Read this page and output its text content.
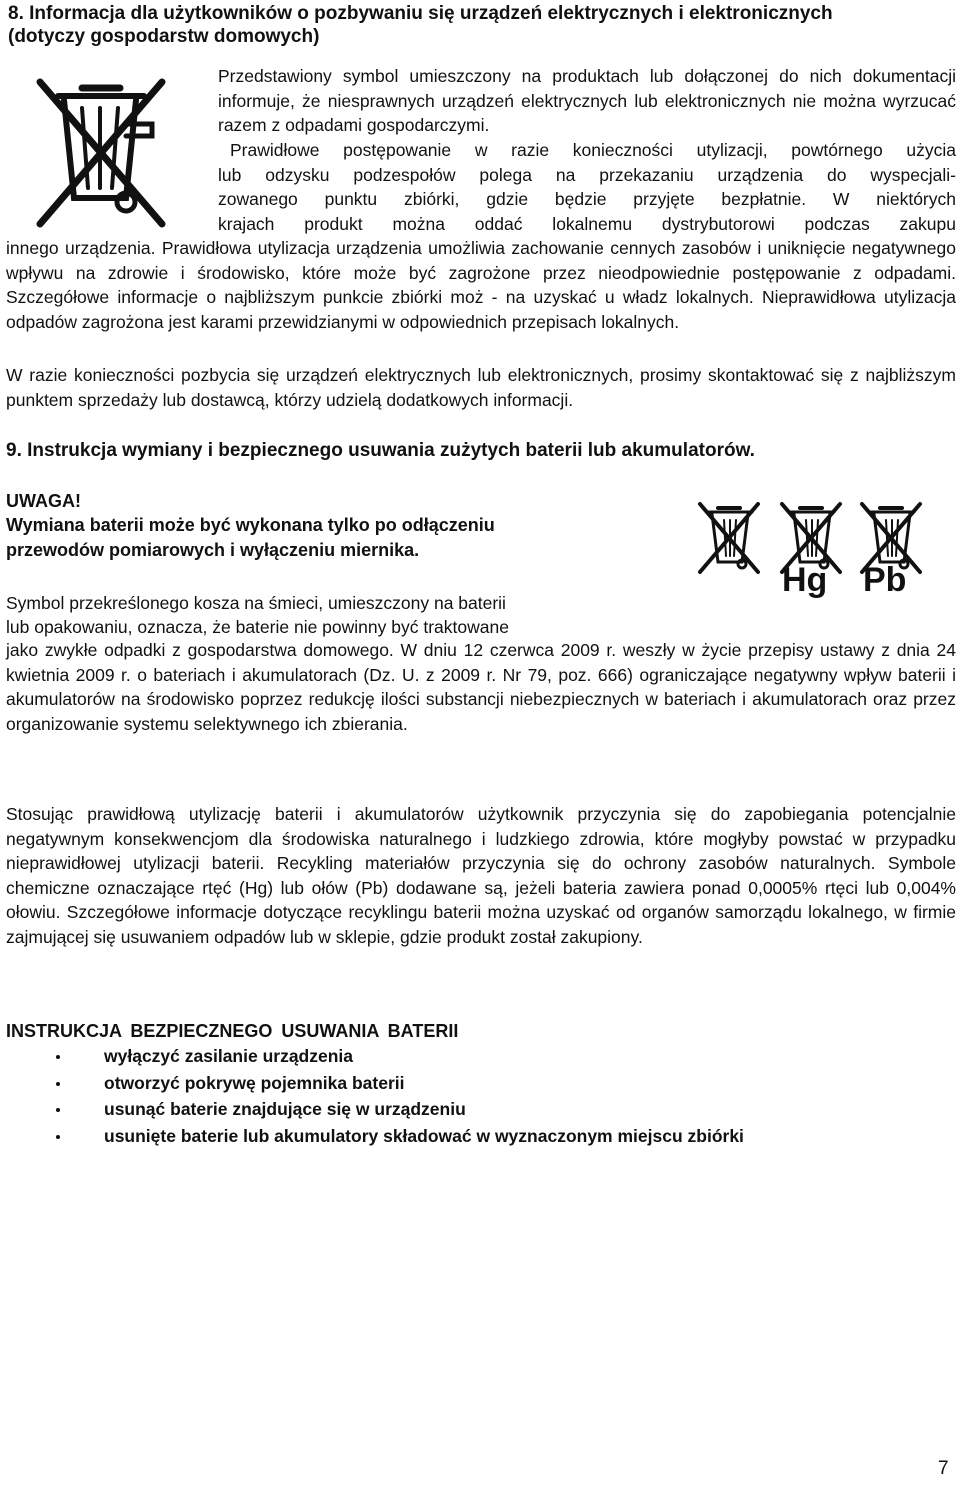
8. Informacja dla użytkowników o pozbywaniu się urządzeń elektrycznych i elektronicznych
(dotyczy gospodarstw domowych)
Przedstawiony symbol umieszczony na produktach lub dołączonej do nich dokumentacji informuje, że niesprawnych urządzeń elektrycznych lub elektronicznych nie można wyrzucać razem z odpadami gospodarczymi.
Prawidłowe postępowanie w razie konieczności utylizacji, powtórnego użycia
lub odzysku podzespołów polega na przekazaniu urządzenia do wyspecjali-
zowanego punktu zbiórki, gdzie będzie przyjęte bezpłatnie. W niektórych
krajach produkt można oddać lokalnemu dystrybutorowi podczas zakupu
innego urządzenia. Prawidłowa utylizacja urządzenia umożliwia zachowanie cennych zasobów i uniknięcie negatywnego wpływu na zdrowie i środowisko, które może być zagrożone przez nieodpowiednie postępowanie z odpadami. Szczegółowe informacje o najbliższym punkcie zbiórki moż - na uzyskać u władz lokalnych. Nieprawidłowa utylizacja odpadów zagrożona jest karami przewidzianymi w odpowiednich przepisach lokalnych.
W razie konieczności pozbycia się urządzeń elektrycznych lub elektronicznych, prosimy skontaktować się z najbliższym punktem sprzedaży lub dostawcą, którzy udzielą dodatkowych informacji.
9. Instrukcja wymiany i bezpiecznego usuwania zużytych baterii lub akumulatorów.
UWAGA!
Wymiana baterii może być wykonana tylko po odłączeniu
przewodów pomiarowych i wyłączeniu miernika.
Hg Pb
Symbol przekreślonego kosza na śmieci, umieszczony na baterii
lub opakowaniu, oznacza, że baterie nie powinny być traktowane
jako zwykłe odpadki z gospodarstwa domowego. W dniu 12 czerwca 2009 r. weszły w życie przepisy ustawy z dnia 24 kwietnia 2009 r. o bateriach i akumulatorach (Dz. U. z 2009 r. Nr 79, poz. 666) ograniczające negatywny wpływ baterii i akumulatorów na środowisko poprzez redukcję ilości substancji niebezpiecznych w bateriach i akumulatorach oraz przez organizowanie systemu selektywnego ich zbierania.
Stosując prawidłową utylizację baterii i akumulatorów użytkownik przyczynia się do zapobiegania potencjalnie negatywnym konsekwencjom dla środowiska naturalnego i ludzkiego zdrowia, które mogłyby powstać w przypadku nieprawidłowej utylizacji baterii. Recykling materiałów przyczynia się do ochrony zasobów naturalnych. Symbole chemiczne oznaczające rtęć (Hg) lub ołów (Pb) dodawane są, jeżeli bateria zawiera ponad 0,0005% rtęci lub 0,004% ołowiu. Szczegółowe informacje dotyczące recyklingu baterii można uzyskać od organów samorządu lokalnego, w firmie zajmującej się usuwaniem odpadów lub w sklepie, gdzie produkt został zakupiony.
INSTRUKCJA BEZPIECZNEGO USUWANIA BATERII
wyłączyć zasilanie urządzenia
otworzyć pokrywę pojemnika baterii
usunąć baterie znajdujące się w urządzeniu
usunięte baterie lub akumulatory składować w wyznaczonym miejscu zbiórki
7
